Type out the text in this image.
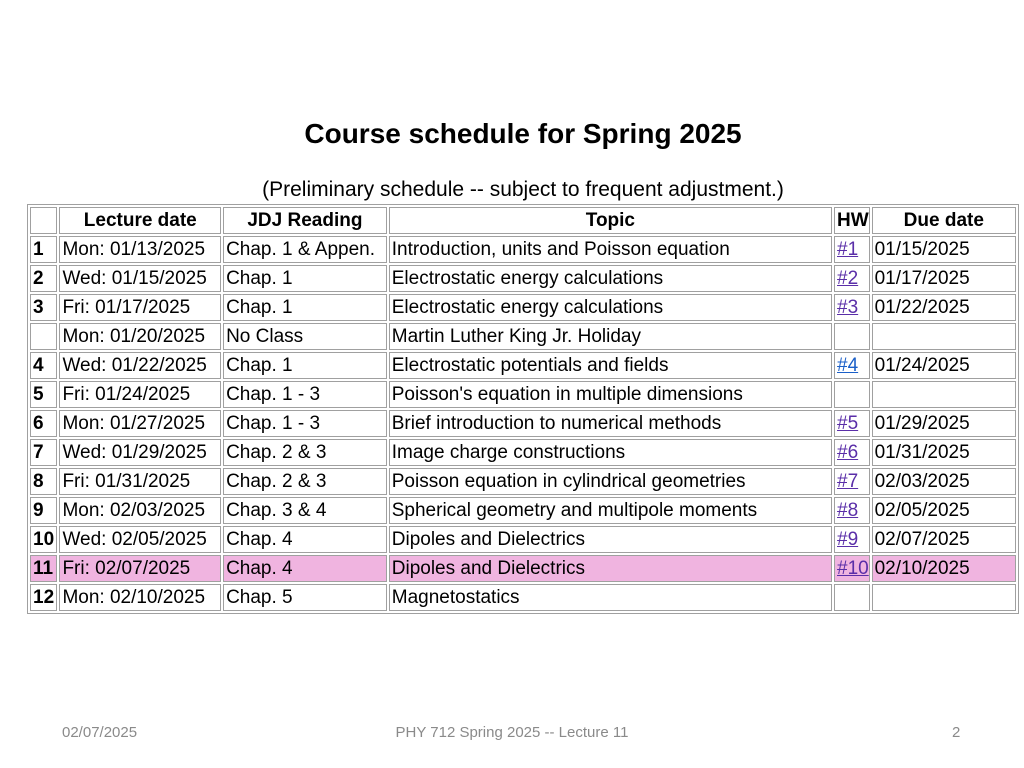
Course schedule for Spring 2025

(Preliminary schedule -- subject to frequent adjustment.)

	Lecture date	JDJ Reading	Topic	HW	Due date
1	Mon: 01/13/2025	Chap. 1 & Appen.	Introduction, units and Poisson equation	#1	01/15/2025
2	Wed: 01/15/2025	Chap. 1	Electrostatic energy calculations	#2	01/17/2025
3	Fri: 01/17/2025	Chap. 1	Electrostatic energy calculations	#3	01/22/2025
	Mon: 01/20/2025	No Class	Martin Luther King Jr. Holiday		
4	Wed: 01/22/2025	Chap. 1	Electrostatic potentials and fields	#4	01/24/2025
5	Fri: 01/24/2025	Chap. 1 - 3	Poisson's equation in multiple dimensions		
6	Mon: 01/27/2025	Chap. 1 - 3	Brief introduction to numerical methods	#5	01/29/2025
7	Wed: 01/29/2025	Chap. 2 & 3	Image charge constructions	#6	01/31/2025
8	Fri: 01/31/2025	Chap. 2 & 3	Poisson equation in cylindrical geometries	#7	02/03/2025
9	Mon: 02/03/2025	Chap. 3 & 4	Spherical geometry and multipole moments	#8	02/05/2025
10	Wed: 02/05/2025	Chap. 4	Dipoles and Dielectrics	#9	02/07/2025
11	Fri: 02/07/2025	Chap. 4	Dipoles and Dielectrics	#10	02/10/2025
12	Mon: 02/10/2025	Chap. 5	Magnetostatics		
02/07/2025	PHY 712 Spring 2025 -- Lecture 11	2
